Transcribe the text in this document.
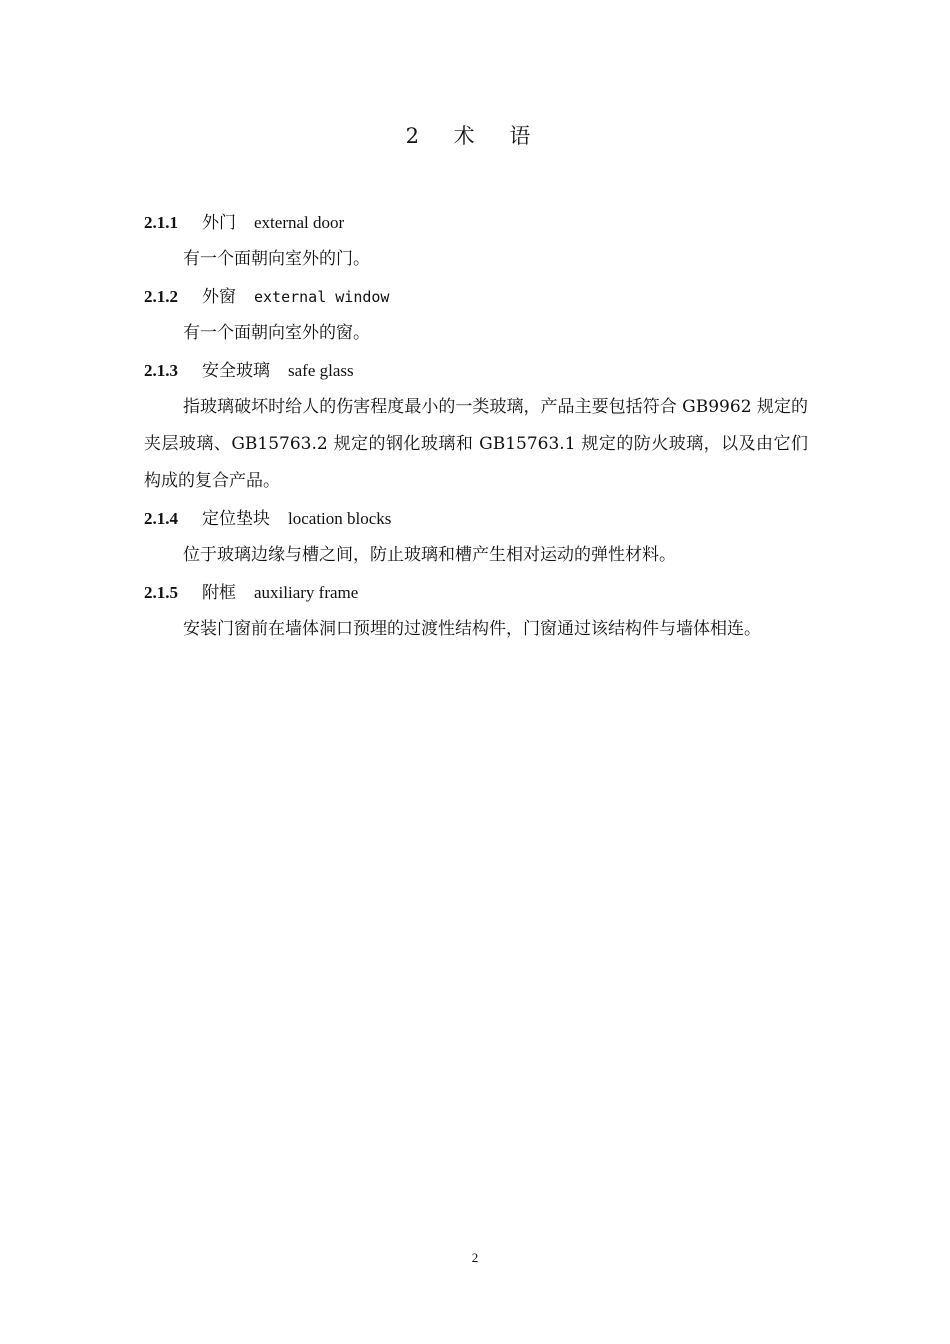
2 术 语
2.1.1 外门 external door

有一个面朝向室外的门。

2.1.2 外窗 external window

有一个面朝向室外的窗。

2.1.3 安全玻璃 safe glass

指玻璃破坏时给人的伤害程度最小的一类玻璃，产品主要包括符合 GB9962 规定的夹层玻璃、GB15763.2 规定的钢化玻璃和 GB15763.1 规定的防火玻璃，以及由它们构成的复合产品。

2.1.4 定位垫块 location blocks

位于玻璃边缘与槽之间，防止玻璃和槽产生相对运动的弹性材料。

2.1.5 附框 auxiliary frame

安装门窗前在墙体洞口预埋的过渡性结构件，门窗通过该结构件与墙体相连。

2
